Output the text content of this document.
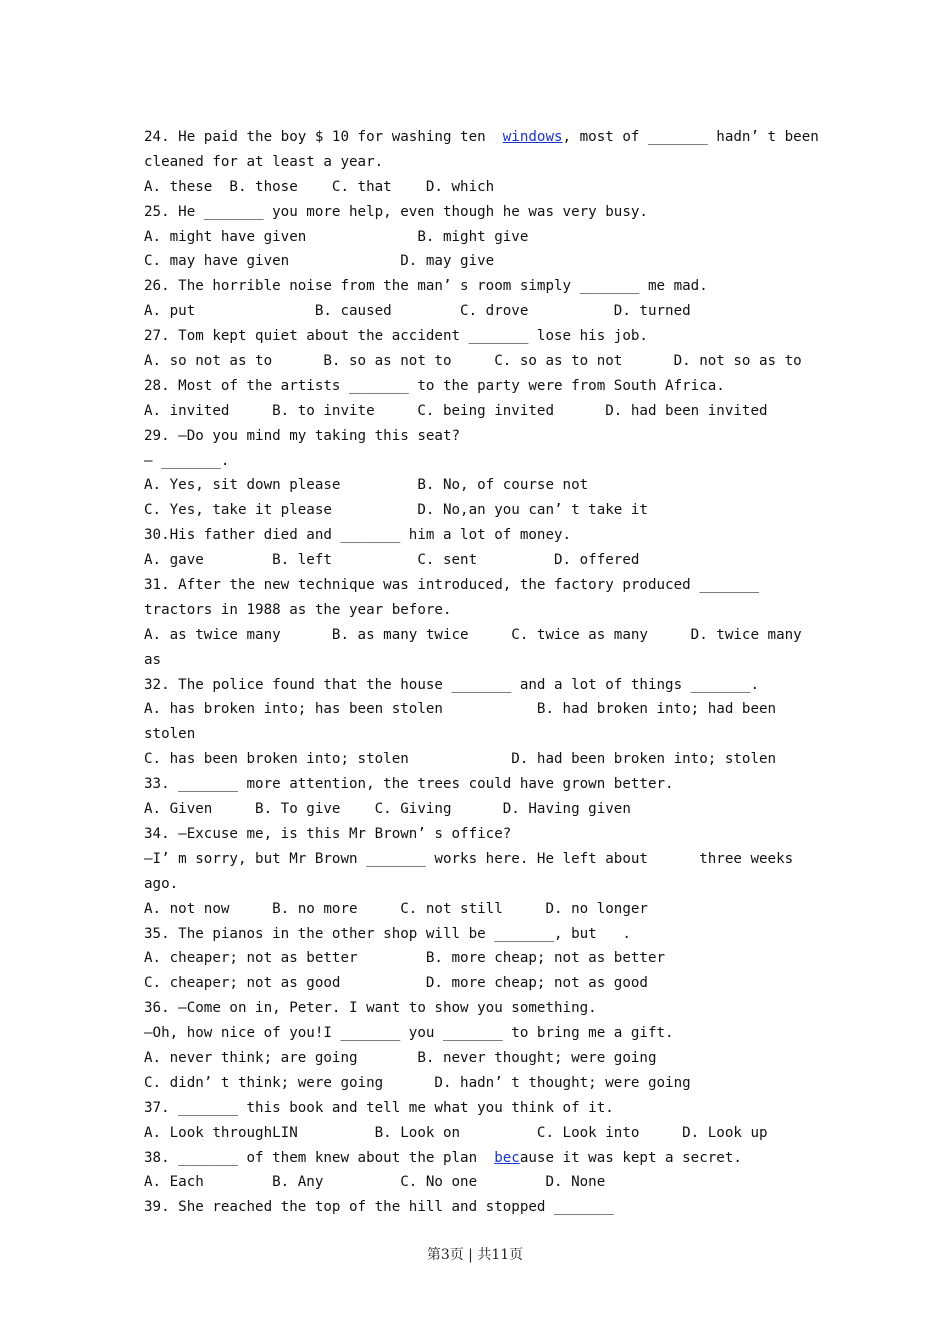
24. He paid the boy $ 10 for washing ten  windows, most of _______ hadn’ t been
cleaned for at least a year.
A. these  B. those    C. that    D. which
25. He _______ you more help, even though he was very busy.
A. might have given             B. might give
C. may have given             D. may give
26. The horrible noise from the man’ s room simply _______ me mad.
A. put              B. caused        C. drove          D. turned
27. Tom kept quiet about the accident _______ lose his job.
A. so not as to      B. so as not to     C. so as to not      D. not so as to
28. Most of the artists _______ to the party were from South Africa.
A. invited     B. to invite     C. being invited      D. had been invited
29. —Do you mind my taking this seat?
— _______.
A. Yes, sit down please         B. No, of course not
C. Yes, take it please          D. No,an you can’ t take it
30.His father died and _______ him a lot of money.
A. gave        B. left          C. sent         D. offered
31. After the new technique was introduced, the factory produced _______
tractors in 1988 as the year before.
A. as twice many      B. as many twice     C. twice as many     D. twice many
as
32. The police found that the house _______ and a lot of things _______.
A. has broken into; has been stolen           B. had broken into; had been
stolen
C. has been broken into; stolen            D. had been broken into; stolen
33. _______ more attention, the trees could have grown better.
A. Given     B. To give    C. Giving      D. Having given
34. —Excuse me, is this Mr Brown’ s office?
—I’ m sorry, but Mr Brown _______ works here. He left about      three weeks
ago.
A. not now     B. no more     C. not still     D. no longer
35. The pianos in the other shop will be _______, but   .
A. cheaper; not as better        B. more cheap; not as better
C. cheaper; not as good          D. more cheap; not as good
36. —Come on in, Peter. I want to show you something.
—Oh, how nice of you!I _______ you _______ to bring me a gift.
A. never think; are going       B. never thought; were going
C. didn’ t think; were going      D. hadn’ t thought; were going
37. _______ this book and tell me what you think of it.
A. Look throughLIN         B. Look on         C. Look into     D. Look up
38. _______ of them knew about the plan  because it was kept a secret.
A. Each        B. Any         C. No one        D. None
39. She reached the top of the hill and stopped _______
第3页 | 共11页
